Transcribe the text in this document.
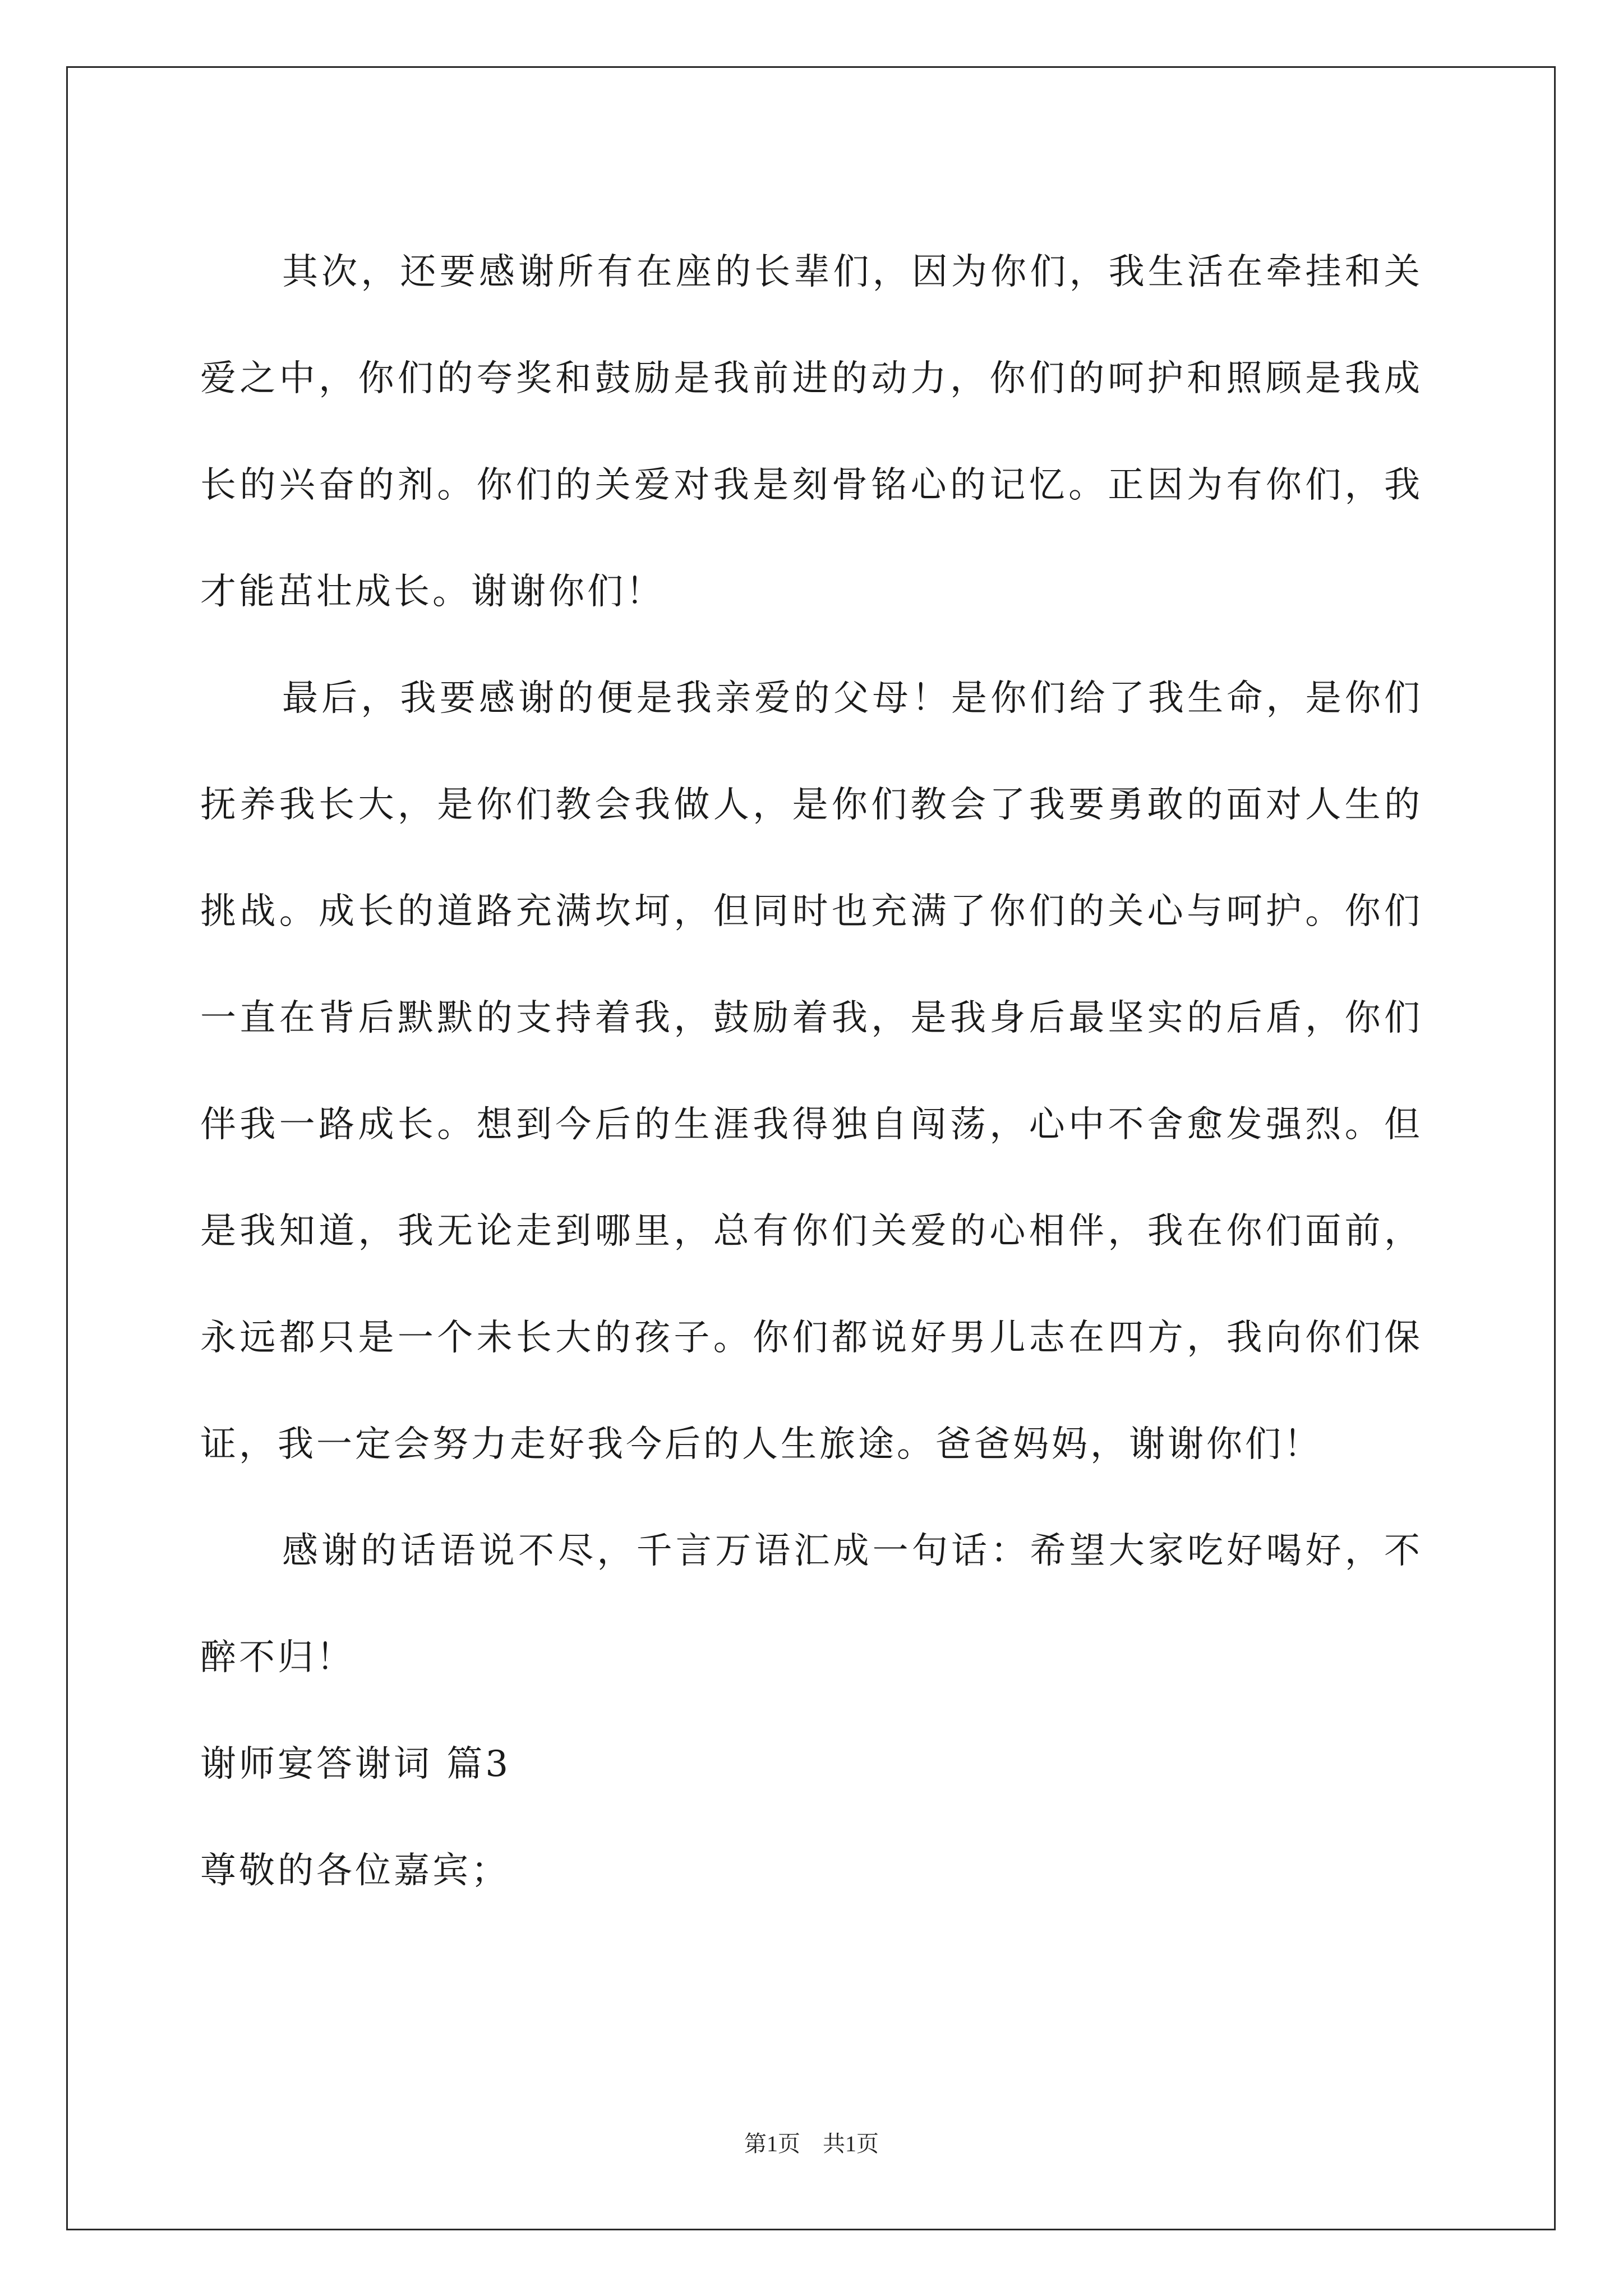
其次，还要感谢所有在座的长辈们，因为你们，我生活在牵挂和关爱之中，你们的夸奖和鼓励是我前进的动力，你们的呵护和照顾是我成长的兴奋的剂。你们的关爱对我是刻骨铭心的记忆。正因为有你们，我才能茁壮成长。谢谢你们！

最后，我要感谢的便是我亲爱的父母！是你们给了我生命，是你们抚养我长大，是你们教会我做人，是你们教会了我要勇敢的面对人生的挑战。成长的道路充满坎坷，但同时也充满了你们的关心与呵护。你们一直在背后默默的支持着我，鼓励着我，是我身后最坚实的后盾，你们伴我一路成长。想到今后的生涯我得独自闯荡，心中不舍愈发强烈。但是我知道，我无论走到哪里，总有你们关爱的心相伴，我在你们面前，永远都只是一个未长大的孩子。你们都说好男儿志在四方，我向你们保证，我一定会努力走好我今后的人生旅途。爸爸妈妈，谢谢你们！

感谢的话语说不尽，千言万语汇成一句话：希望大家吃好喝好，不醉不归！

谢师宴答谢词 篇3

尊敬的各位嘉宾；

第1页　共1页
